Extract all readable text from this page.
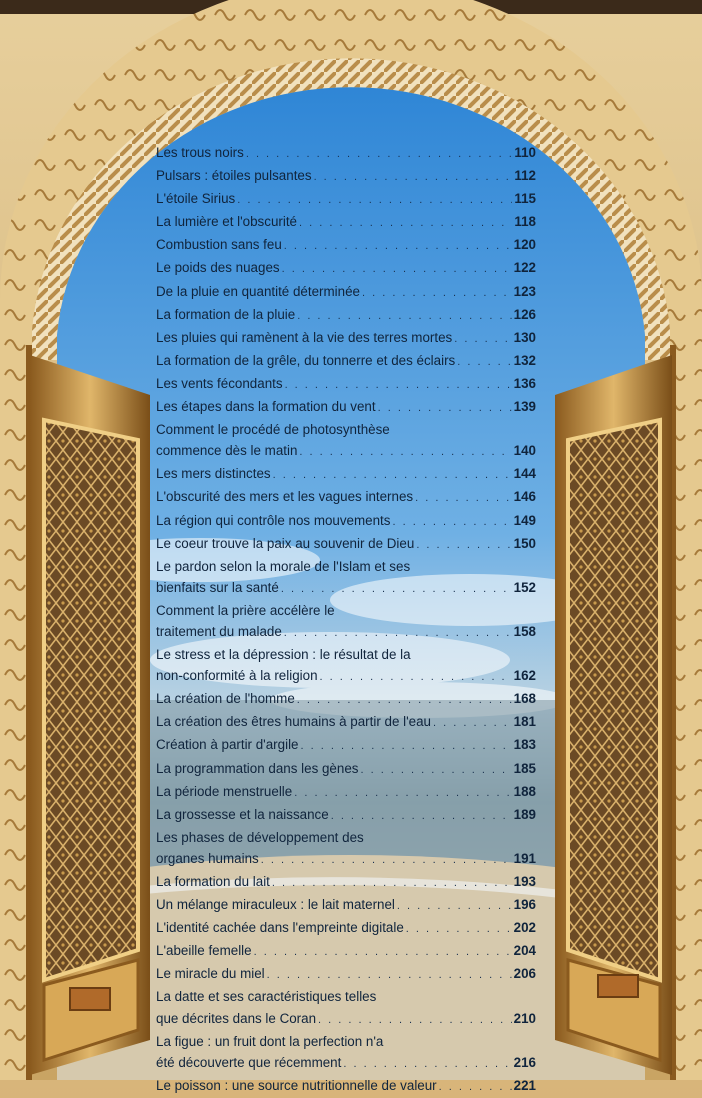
Les trous noirs . . .	110
Pulsars : étoiles pulsantes . . .	112
L'étoile Sirius . . .	115
La lumière et l'obscurité . . .	118
Combustion sans feu . . .	120
Le poids des nuages . . .	122
De la pluie en quantité déterminée . . .	123
La formation de la pluie . . .	126
Les pluies qui ramènent à la vie des terres mortes . . .	130
La formation de la grêle, du tonnerre et des éclairs . . .	132
Les vents fécondants . . .	136
Les étapes dans la formation du vent . . .	139
Comment le procédé de photosynthèse
commence dès le matin . . .	140
Les mers distinctes . . .	144
L'obscurité des mers et les vagues internes . . .	146
La région qui contrôle nos mouvements . . .	149
Le coeur trouve la paix au souvenir de Dieu . . .	150
Le pardon selon la morale de l'Islam et ses
bienfaits sur la santé . . .	152
Comment la prière accélère le
traitement du malade . . .	158
Le stress et la dépression : le résultat de la
non-conformité à la religion . . .	162
La création de l'homme . . .	168
La création des êtres humains à partir de l'eau . . .	181
Création à partir d'argile . . .	183
La programmation dans les gènes . . .	185
La période menstruelle . . .	188
La grossesse et la naissance . . .	189
Les phases de développement des
organes humains . . .	191
La formation du lait . . .	193
Un mélange miraculeux : le lait maternel . . .	196
L'identité cachée dans l'empreinte digitale . . .	202
L'abeille femelle . . .	204
Le miracle du miel . . .	206
La datte et ses caractéristiques telles
que décrites dans le Coran . . .	210
La figue : un fruit dont la perfection n'a
été découverte que récemment . . .	216
Le poisson : une source nutritionnelle de valeur . . .	221
